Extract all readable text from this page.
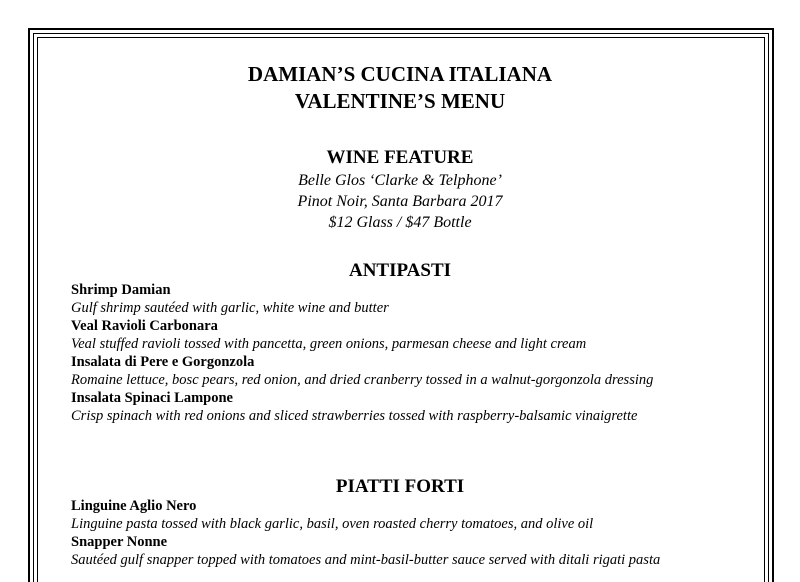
DAMIAN’S CUCINA ITALIANA
VALENTINE’S MENU
WINE FEATURE
Belle Glos ‘Clarke & Telphone’
Pinot Noir, Santa Barbara 2017
$12 Glass / $47 Bottle
ANTIPASTI
Shrimp Damian
Gulf shrimp sautéed with garlic, white wine and butter
Veal Ravioli Carbonara
Veal stuffed ravioli tossed with pancetta, green onions, parmesan cheese and light cream
Insalata di Pere e Gorgonzola
Romaine lettuce, bosc pears, red onion, and dried cranberry tossed in a walnut-gorgonzola dressing
Insalata Spinaci Lampone
Crisp spinach with red onions and sliced strawberries tossed with raspberry-balsamic vinaigrette
PIATTI FORTI
Linguine Aglio Nero
Linguine pasta tossed with black garlic, basil, oven roasted cherry tomatoes, and olive oil
Snapper Nonne
Sautéed gulf snapper topped with tomatoes and mint-basil-butter sauce served with ditali rigati pasta
